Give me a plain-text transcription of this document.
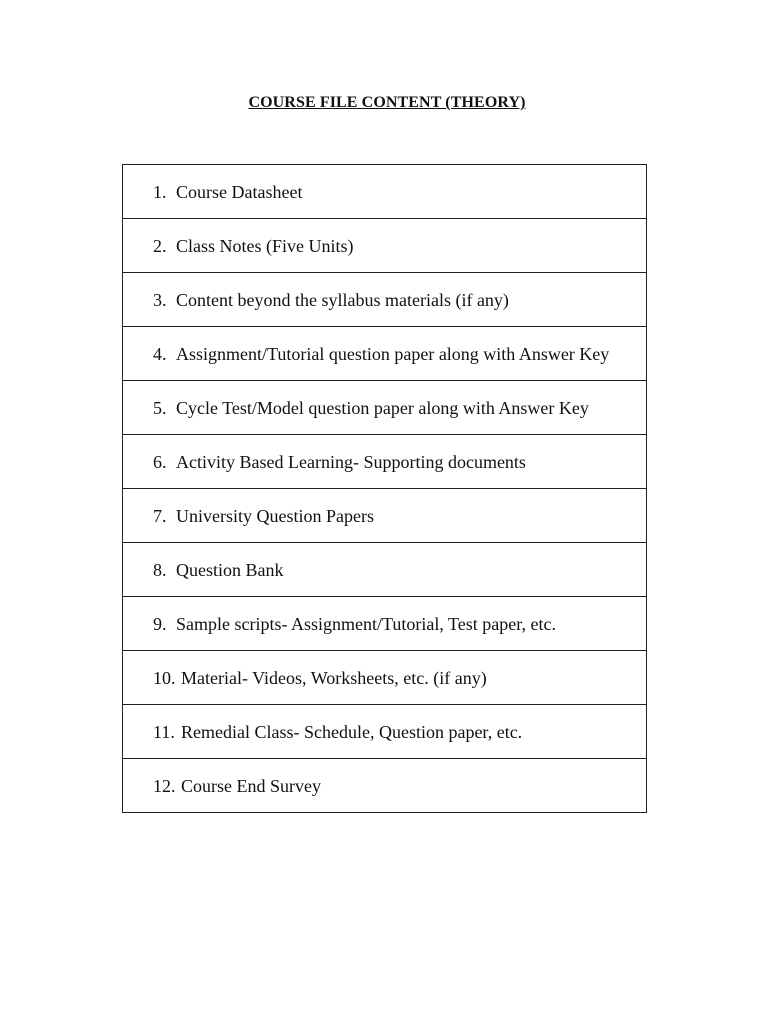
COURSE FILE CONTENT (THEORY)
1. Course Datasheet

2. Class Notes (Five Units)

3. Content beyond the syllabus materials (if any)

4. Assignment/Tutorial question paper along with Answer Key

5. Cycle Test/Model question paper along with Answer Key

6. Activity Based Learning- Supporting documents

7. University Question Papers

8. Question Bank

9. Sample scripts- Assignment/Tutorial, Test paper, etc.

10. Material- Videos, Worksheets, etc. (if any)

11. Remedial Class- Schedule, Question paper, etc.

12. Course End Survey
